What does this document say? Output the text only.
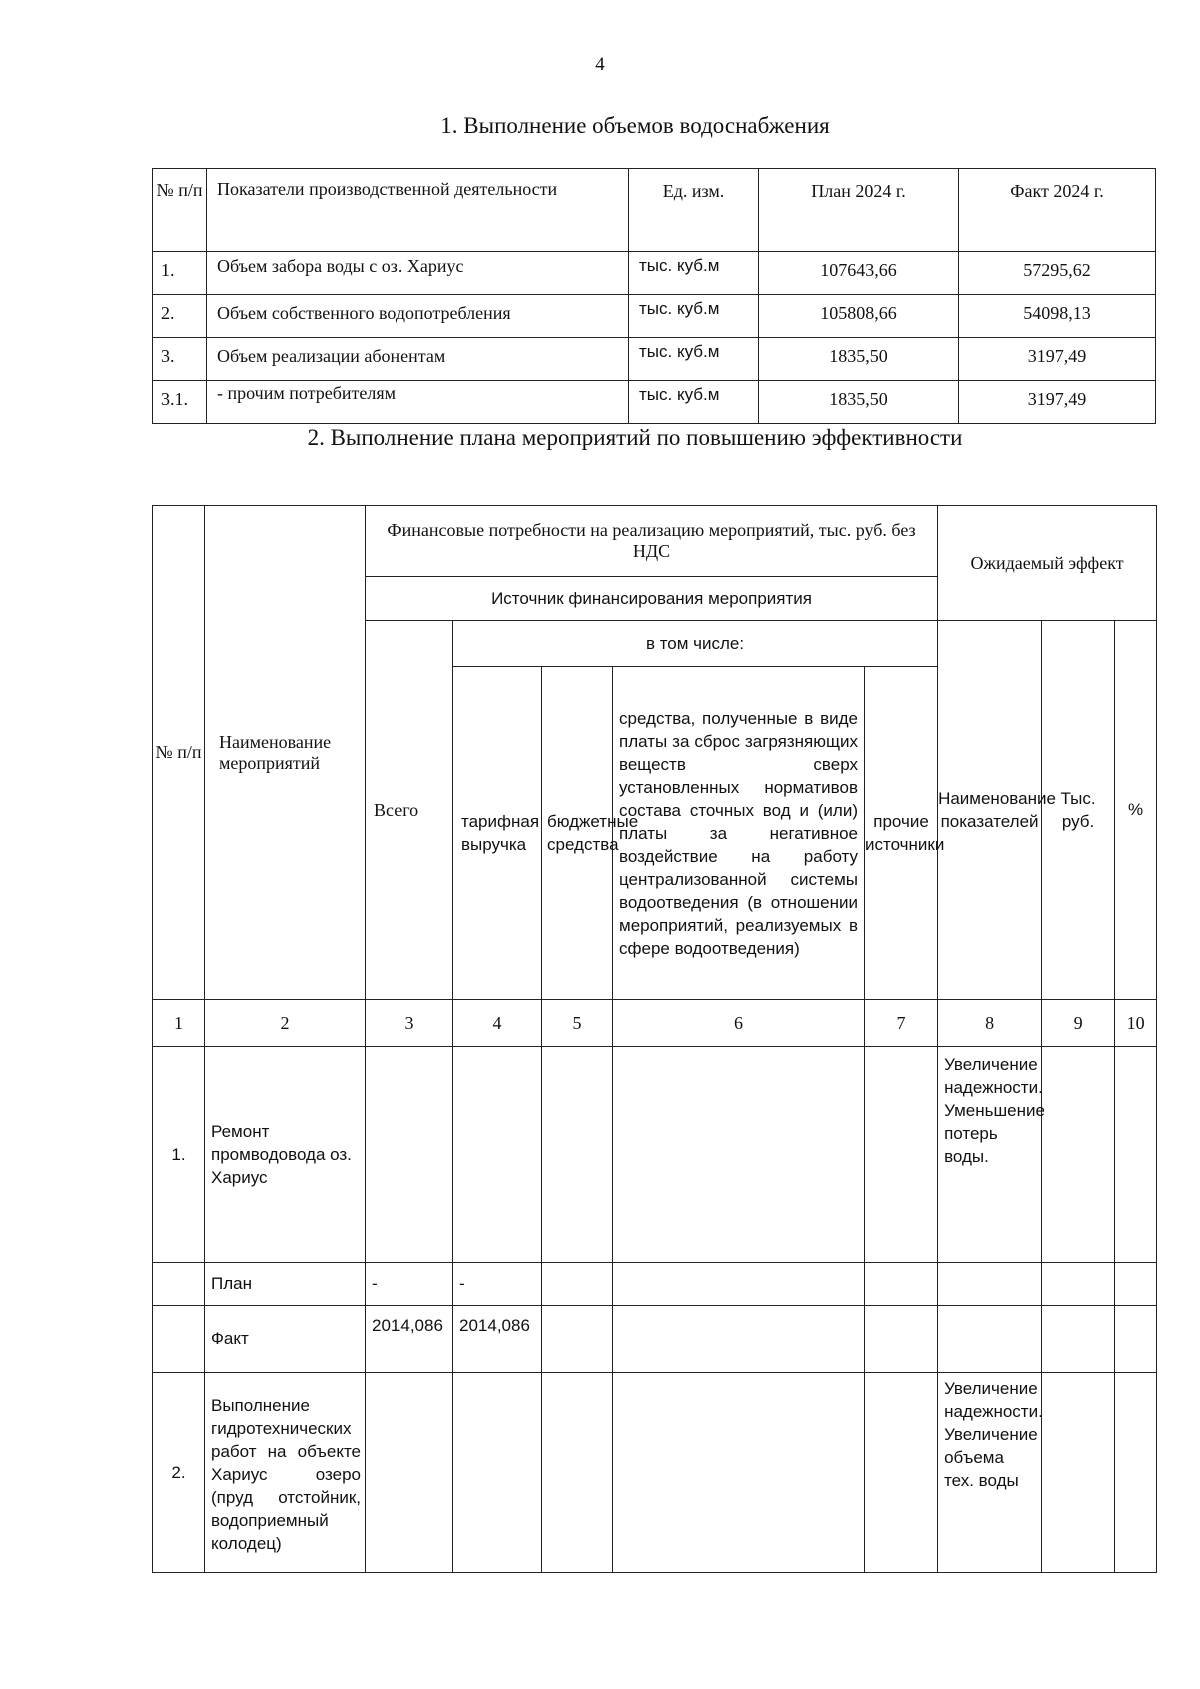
4
1. Выполнение объемов водоснабжения
№ п/п	Показатели производственной деятельности	Ед. изм.	План 2024 г.	Факт 2024 г.
1.	Объем забора воды с оз. Хариус	тыс. куб.м	107643,66	57295,62
2.	Объем собственного водопотребления	тыс. куб.м	105808,66	54098,13
3.	Объем реализации абонентам	тыс. куб.м	1835,50	3197,49
3.1.	- прочим потребителям	тыс. куб.м	1835,50	3197,49
2. Выполнение плана мероприятий по повышению эффективности
№ п/п	Наименование мероприятий	Финансовые потребности на реализацию мероприятий, тыс. руб. без НДС					Ожидаемый эффект		
		Источник финансирования мероприятия							
		Всего	в том числе:				Наименование показателей	Тыс. руб.	%
			тарифная выручка	бюджетные средства	средства, полученные в виде платы за сброс загрязняющих веществ сверх установленных нормативов состава сточных вод и (или) платы за негативное воздействие на работу централизованной системы водоотведения (в отношении мероприятий, реализуемых в сфере водоотведения)	прочие источники			
1	2	3	4	5	6	7	8	9	10
1.	Ремонт промводовода оз. Хариус						Увеличение надежности. Уменьшение потерь воды.		
	План	-	-						
	Факт	2014,086	2014,086						
2.	Выполнение гидротехнических работ на объекте Хариус озеро (пруд отстойник, водоприемный колодец)						Увеличение надежности. Увеличение объема тех. воды		
